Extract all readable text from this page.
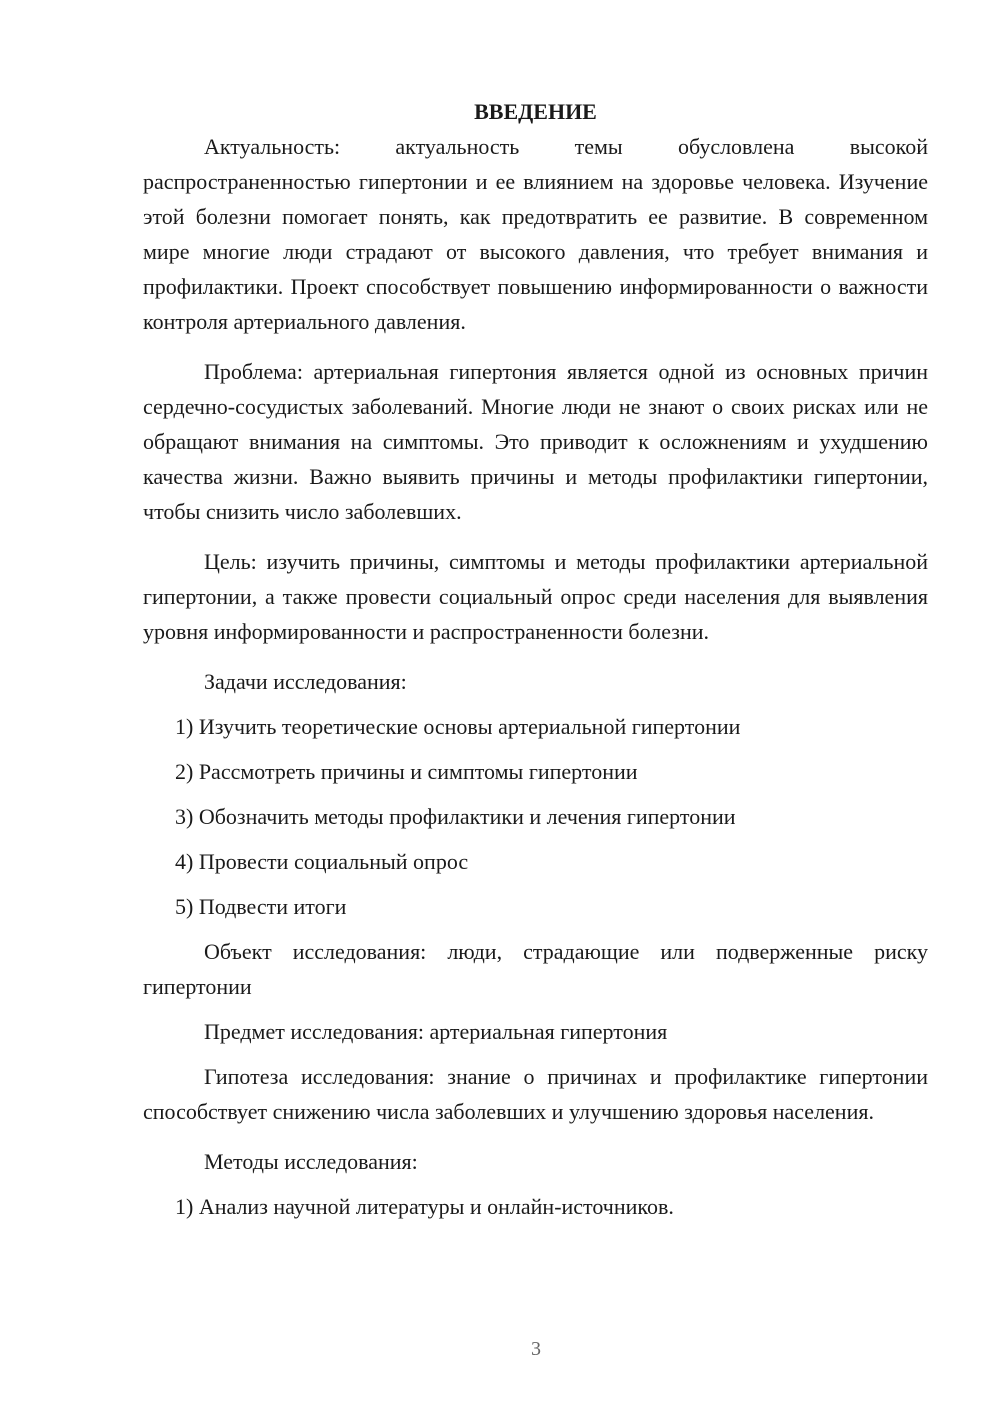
ВВЕДЕНИЕ

Актуальность: актуальность темы обусловлена высокой распространенностью гипертонии и ее влиянием на здоровье человека. Изучение этой болезни помогает понять, как предотвратить ее развитие. В современном мире многие люди страдают от высокого давления, что требует внимания и профилактики. Проект способствует повышению информированности о важности контроля артериального давления.

Проблема: артериальная гипертония является одной из основных причин сердечно-сосудистых заболеваний. Многие люди не знают о своих рисках или не обращают внимания на симптомы. Это приводит к осложнениям и ухудшению качества жизни. Важно выявить причины и методы профилактики гипертонии, чтобы снизить число заболевших.

Цель: изучить причины, симптомы и методы профилактики артериальной гипертонии, а также провести социальный опрос среди населения для выявления уровня информированности и распространенности болезни.

Задачи исследования:

1) Изучить теоретические основы артериальной гипертонии
2) Рассмотреть причины и симптомы гипертонии
3) Обозначить методы профилактики и лечения гипертонии
4) Провести социальный опрос
5) Подвести итоги

Объект исследования: люди, страдающие или подверженные риску гипертонии

Предмет исследования: артериальная гипертония

Гипотеза исследования: знание о причинах и профилактике гипертонии способствует снижению числа заболевших и улучшению здоровья населения.

Методы исследования:

1) Анализ научной литературы и онлайн-источников.
3
